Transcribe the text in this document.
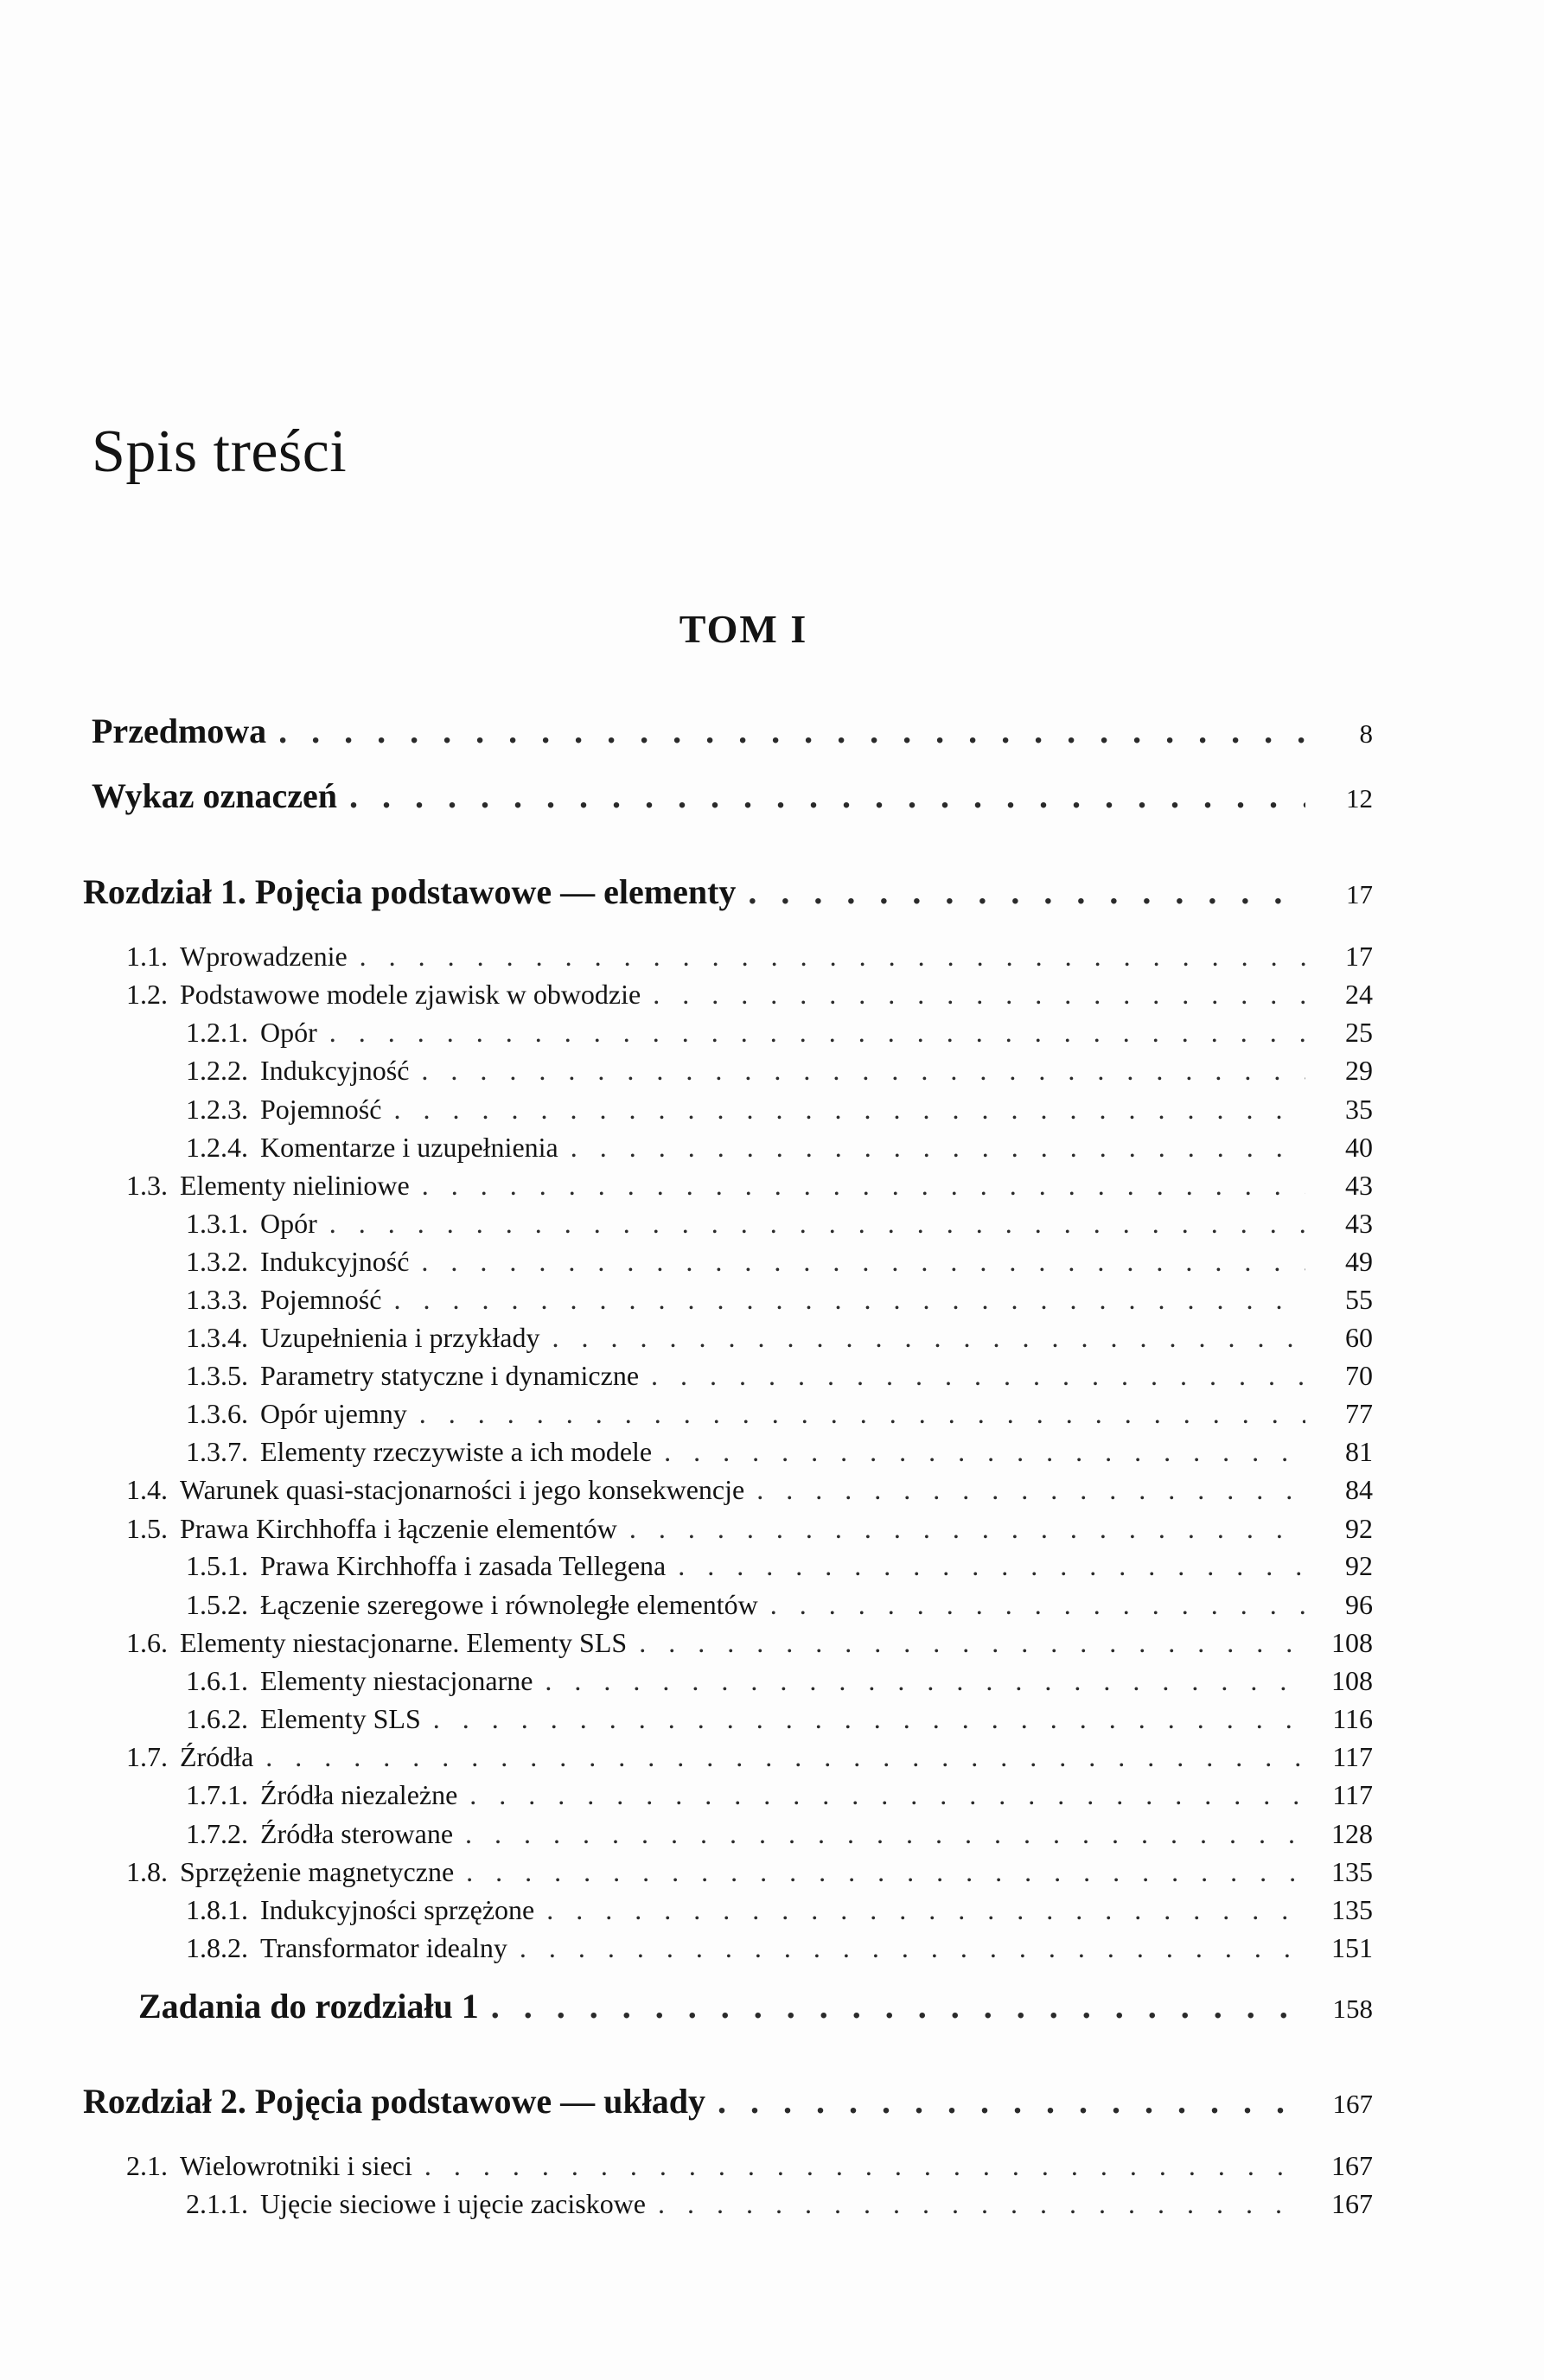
Spis treści
TOM I
Przedmowa . . .	8
Wykaz oznaczeń . . .	12
Rozdział 1. Pojęcia podstawowe — elementy . . .	17
1.1. Wprowadzenie . . .	17
1.2. Podstawowe modele zjawisk w obwodzie . . .	24
1.2.1. Opór . . .	25
1.2.2. Indukcyjność . . .	29
1.2.3. Pojemność . . .	35
1.2.4. Komentarze i uzupełnienia . . .	40
1.3. Elementy nieliniowe . . .	43
1.3.1. Opór . . .	43
1.3.2. Indukcyjność . . .	49
1.3.3. Pojemność . . .	55
1.3.4. Uzupełnienia i przykłady . . .	60
1.3.5. Parametry statyczne i dynamiczne . . .	70
1.3.6. Opór ujemny . . .	77
1.3.7. Elementy rzeczywiste a ich modele . . .	81
1.4. Warunek quasi-stacjonarności i jego konsekwencje . . .	84
1.5. Prawa Kirchhoffa i łączenie elementów . . .	92
1.5.1. Prawa Kirchhoffa i zasada Tellegena . . .	92
1.5.2. Łączenie szeregowe i równoległe elementów . . .	96
1.6. Elementy niestacjonarne. Elementy SLS . . .	108
1.6.1. Elementy niestacjonarne . . .	108
1.6.2. Elementy SLS . . .	116
1.7. Źródła . . .	117
1.7.1. Źródła niezależne . . .	117
1.7.2. Źródła sterowane . . .	128
1.8. Sprzężenie magnetyczne . . .	135
1.8.1. Indukcyjności sprzężone . . .	135
1.8.2. Transformator idealny . . .	151
Zadania do rozdziału 1 . . .	158
Rozdział 2. Pojęcia podstawowe — układy . . .	167
2.1. Wielowrotniki i sieci . . .	167
2.1.1. Ujęcie sieciowe i ujęcie zaciskowe . . .	167
